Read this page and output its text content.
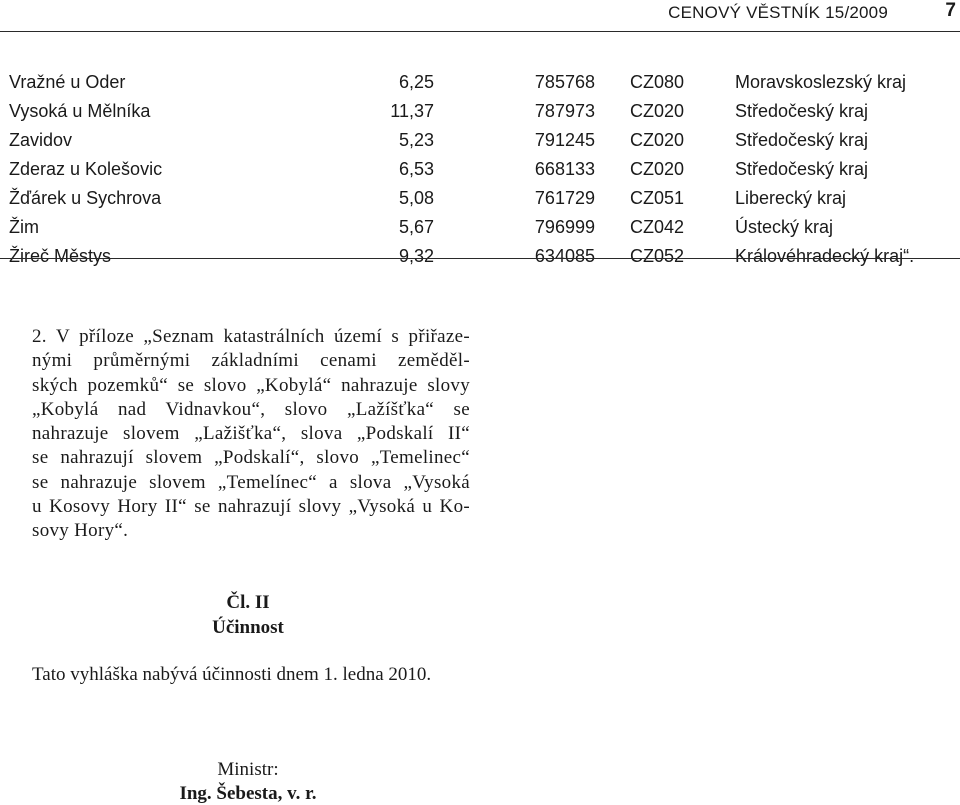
CENOVÝ VĚSTNÍK 15/2009	7
Vražné u Oder	6,25	785768 CZ080	Moravskoslezský kraj
Vysoká u Mělníka	11,37	787973 CZ020	Středočeský kraj
Zavidov	5,23	791245 CZ020	Středočeský kraj
Zderaz u Kolešovic	6,53	668133 CZ020	Středočeský kraj
Žďárek u Sychrova	5,08	761729 CZ051	Liberecký kraj
Žim	5,67	796999 CZ042	Ústecký kraj
Žireč Městys	9,32	634085 CZ052	Královéhradecký kraj“.
2. V příloze „Seznam katastrálních území s přiřaze-
nými průměrnými základními cenami zeměděl-
ských pozemků“ se slovo „Kobylá“ nahrazuje slovy
„Kobylá nad Vidnavkou“, slovo „Lažíšťka“ se
nahrazuje slovem „Lažišťka“, slova „Podskalí II“
se nahrazují slovem „Podskalí“, slovo „Temelinec“
se nahrazuje slovem „Temelínec“ a slova „Vysoká
u Kosovy Hory II“ se nahrazují slovy „Vysoká u Ko-
sovy Hory“.
Čl. II
Účinnost
Tato vyhláška nabývá účinnosti dnem 1. ledna 2010.
Ministr:
Ing. Šebesta, v. r.
